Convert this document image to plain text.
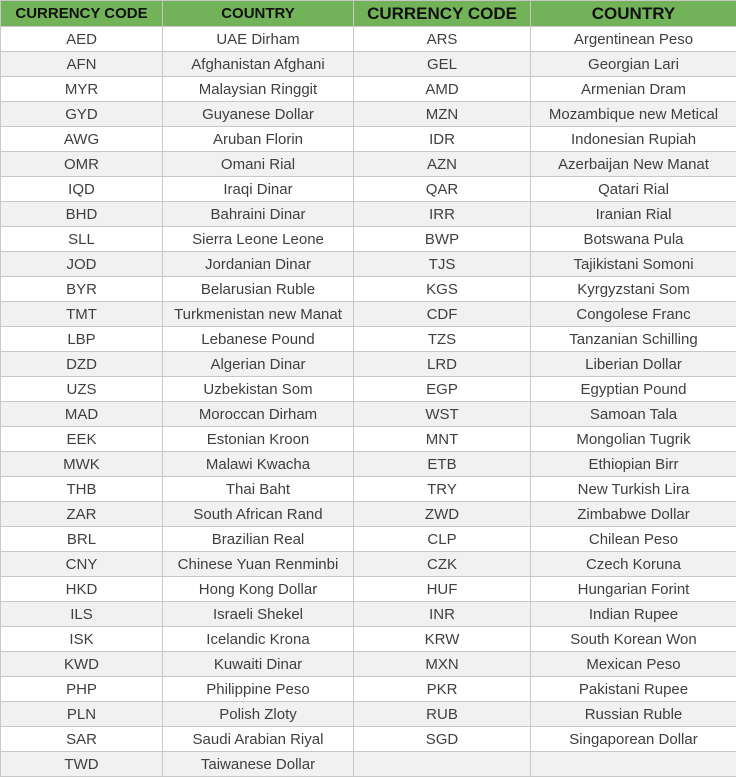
CURRENCY CODE	COUNTRY	CURRENCY CODE	COUNTRY
AED	UAE Dirham	ARS	Argentinean Peso
AFN	Afghanistan Afghani	GEL	Georgian Lari
MYR	Malaysian Ringgit	AMD	Armenian Dram
GYD	Guyanese Dollar	MZN	Mozambique new Metical
AWG	Aruban Florin	IDR	Indonesian Rupiah
OMR	Omani Rial	AZN	Azerbaijan New Manat
IQD	Iraqi Dinar	QAR	Qatari Rial
BHD	Bahraini Dinar	IRR	Iranian Rial
SLL	Sierra Leone Leone	BWP	Botswana Pula
JOD	Jordanian Dinar	TJS	Tajikistani Somoni
BYR	Belarusian Ruble	KGS	Kyrgyzstani Som
TMT	Turkmenistan new Manat	CDF	Congolese Franc
LBP	Lebanese Pound	TZS	Tanzanian Schilling
DZD	Algerian Dinar	LRD	Liberian Dollar
UZS	Uzbekistan Som	EGP	Egyptian Pound
MAD	Moroccan Dirham	WST	Samoan Tala
EEK	Estonian Kroon	MNT	Mongolian Tugrik
MWK	Malawi Kwacha	ETB	Ethiopian Birr
THB	Thai Baht	TRY	New Turkish Lira
ZAR	South African Rand	ZWD	Zimbabwe Dollar
BRL	Brazilian Real	CLP	Chilean Peso
CNY	Chinese Yuan Renminbi	CZK	Czech Koruna
HKD	Hong Kong Dollar	HUF	Hungarian Forint
ILS	Israeli Shekel	INR	Indian Rupee
ISK	Icelandic Krona	KRW	South Korean Won
KWD	Kuwaiti Dinar	MXN	Mexican Peso
PHP	Philippine Peso	PKR	Pakistani Rupee
PLN	Polish Zloty	RUB	Russian Ruble
SAR	Saudi Arabian Riyal	SGD	Singaporean Dollar
TWD	Taiwanese Dollar		
